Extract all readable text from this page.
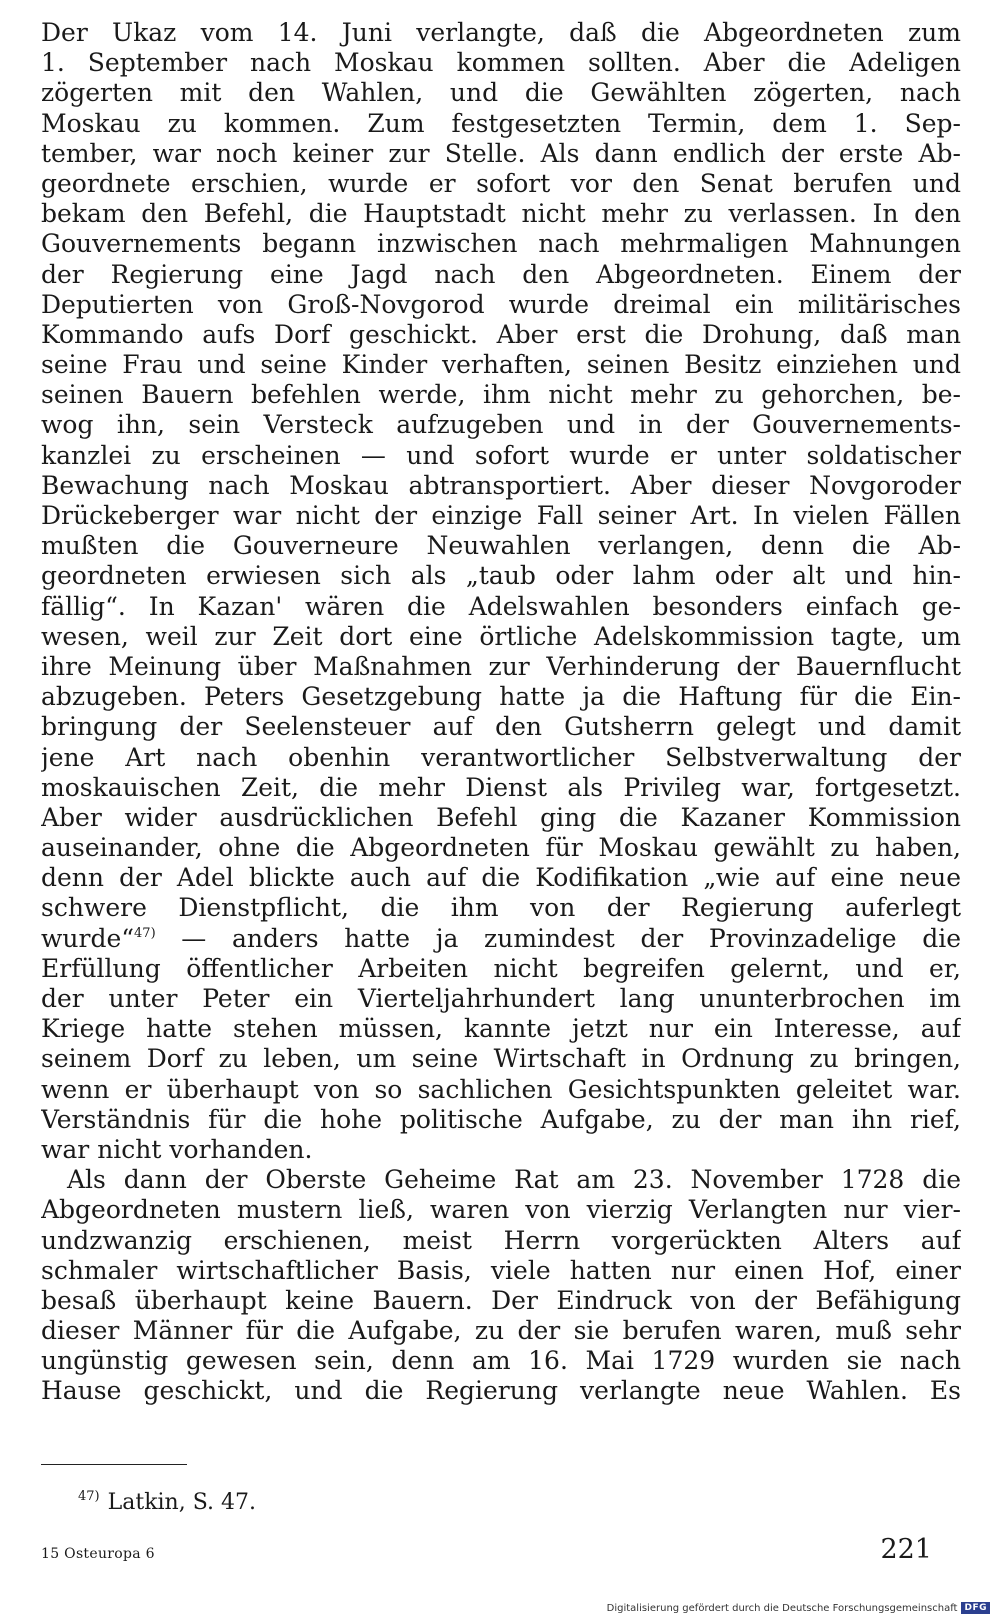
Der Ukaz vom 14. Juni verlangte, daß die Abgeordneten zum
1. September nach Moskau kommen sollten. Aber die Adeligen
zögerten mit den Wahlen, und die Gewählten zögerten, nach
Moskau zu kommen. Zum festgesetzten Termin, dem 1. Sep-
tember, war noch keiner zur Stelle. Als dann endlich der erste Ab-
geordnete erschien, wurde er sofort vor den Senat berufen und
bekam den Befehl, die Hauptstadt nicht mehr zu verlassen. In den
Gouvernements begann inzwischen nach mehrmaligen Mahnungen
der Regierung eine Jagd nach den Abgeordneten. Einem der
Deputierten von Groß-Novgorod wurde dreimal ein militärisches
Kommando aufs Dorf geschickt. Aber erst die Drohung, daß man
seine Frau und seine Kinder verhaften, seinen Besitz einziehen und
seinen Bauern befehlen werde, ihm nicht mehr zu gehorchen, be-
wog ihn, sein Versteck aufzugeben und in der Gouvernements-
kanzlei zu erscheinen — und sofort wurde er unter soldatischer
Bewachung nach Moskau abtransportiert. Aber dieser Novgoroder
Drückeberger war nicht der einzige Fall seiner Art. In vielen Fällen
mußten die Gouverneure Neuwahlen verlangen, denn die Ab-
geordneten erwiesen sich als „taub oder lahm oder alt und hin-
fällig“. In Kazan' wären die Adelswahlen besonders einfach ge-
wesen, weil zur Zeit dort eine örtliche Adelskommission tagte, um
ihre Meinung über Maßnahmen zur Verhinderung der Bauernflucht
abzugeben. Peters Gesetzgebung hatte ja die Haftung für die Ein-
bringung der Seelensteuer auf den Gutsherrn gelegt und damit
jene Art nach obenhin verantwortlicher Selbstverwaltung der
moskauischen Zeit, die mehr Dienst als Privileg war, fortgesetzt.
Aber wider ausdrücklichen Befehl ging die Kazaner Kommission
auseinander, ohne die Abgeordneten für Moskau gewählt zu haben,
denn der Adel blickte auch auf die Kodifikation „wie auf eine neue
schwere Dienstpflicht, die ihm von der Regierung auferlegt
wurde“$^{47)}$ — anders hatte ja zumindest der Provinzadelige die
Erfüllung öffentlicher Arbeiten nicht begreifen gelernt, und er,
der unter Peter ein Vierteljahrhundert lang ununterbrochen im
Kriege hatte stehen müssen, kannte jetzt nur ein Interesse, auf
seinem Dorf zu leben, um seine Wirtschaft in Ordnung zu bringen,
wenn er überhaupt von so sachlichen Gesichtspunkten geleitet war.
Verständnis für die hohe politische Aufgabe, zu der man ihn rief,
war nicht vorhanden.
Als dann der Oberste Geheime Rat am 23. November 1728 die
Abgeordneten mustern ließ, waren von vierzig Verlangten nur vier-
undzwanzig erschienen, meist Herrn vorgerückten Alters auf
schmaler wirtschaftlicher Basis, viele hatten nur einen Hof, einer
besaß überhaupt keine Bauern. Der Eindruck von der Befähigung
dieser Männer für die Aufgabe, zu der sie berufen waren, muß sehr
ungünstig gewesen sein, denn am 16. Mai 1729 wurden sie nach
Hause geschickt, und die Regierung verlangte neue Wahlen. Es
$^{47)}$ Latkin, S. 47.
15 Osteuropa 6	221
Digitalisierung gefördert durch die Deutsche Forschungsgemeinschaft DFG
